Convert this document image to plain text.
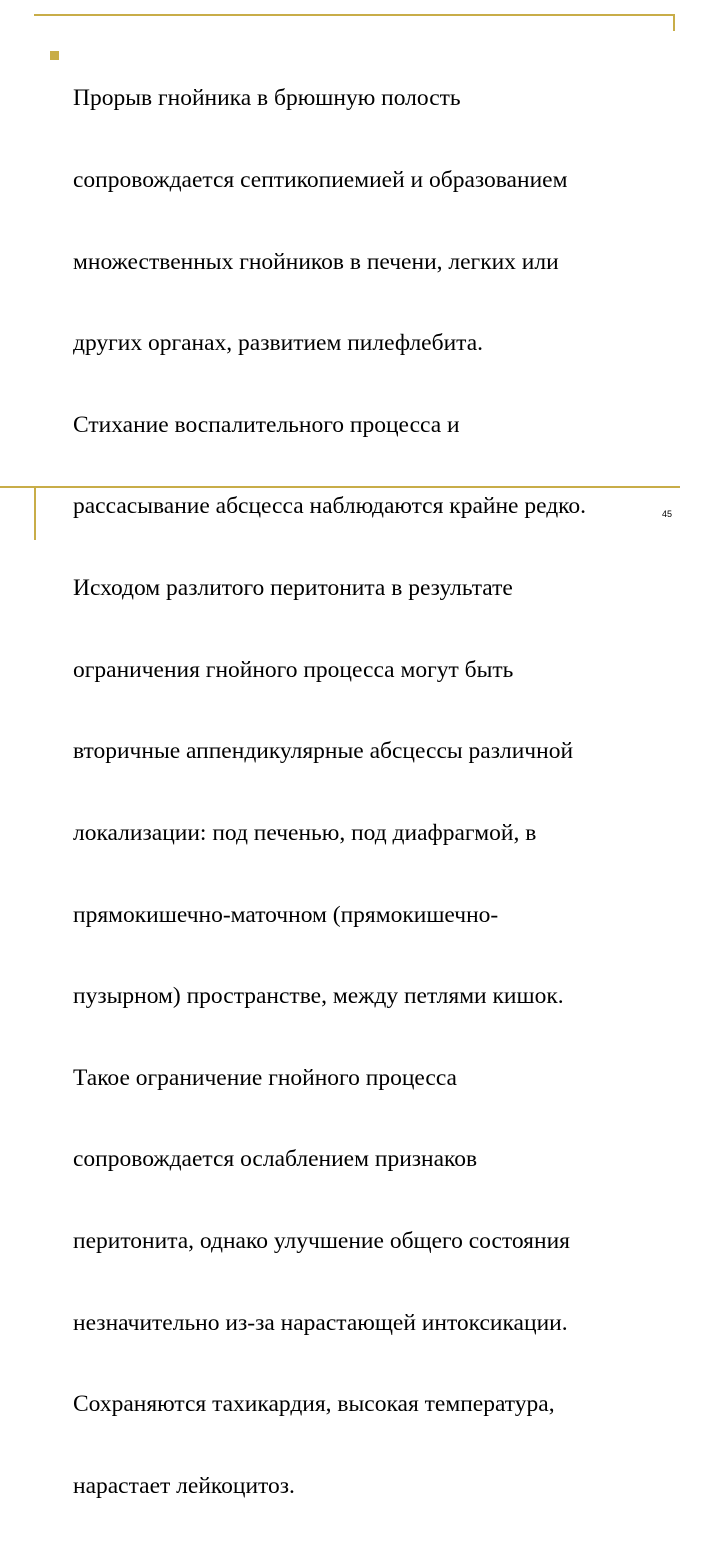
Прорыв гнойника в брюшную полость

сопровождается септикопиемией и образованием

множественных гнойников в печени, легких или

других органах, развитием пилефлебита.

Стихание воспалительного процесса и

рассасывание абсцесса наблюдаются крайне редко.

Исходом разлитого перитонита в результате

ограничения гнойного процесса могут быть

вторичные аппендикулярные абсцессы различной

локализации: под печенью, под диафрагмой, в

прямокишечно-маточном (прямокишечно-

пузырном) пространстве, между петлями кишок.

Такое ограничение гнойного процесса

сопровождается ослаблением признаков

перитонита, однако улучшение общего состояния

незначительно из-за нарастающей интоксикации.

Сохраняются тахикардия, высокая температура,

нарастает лейкоцитоз.

45
